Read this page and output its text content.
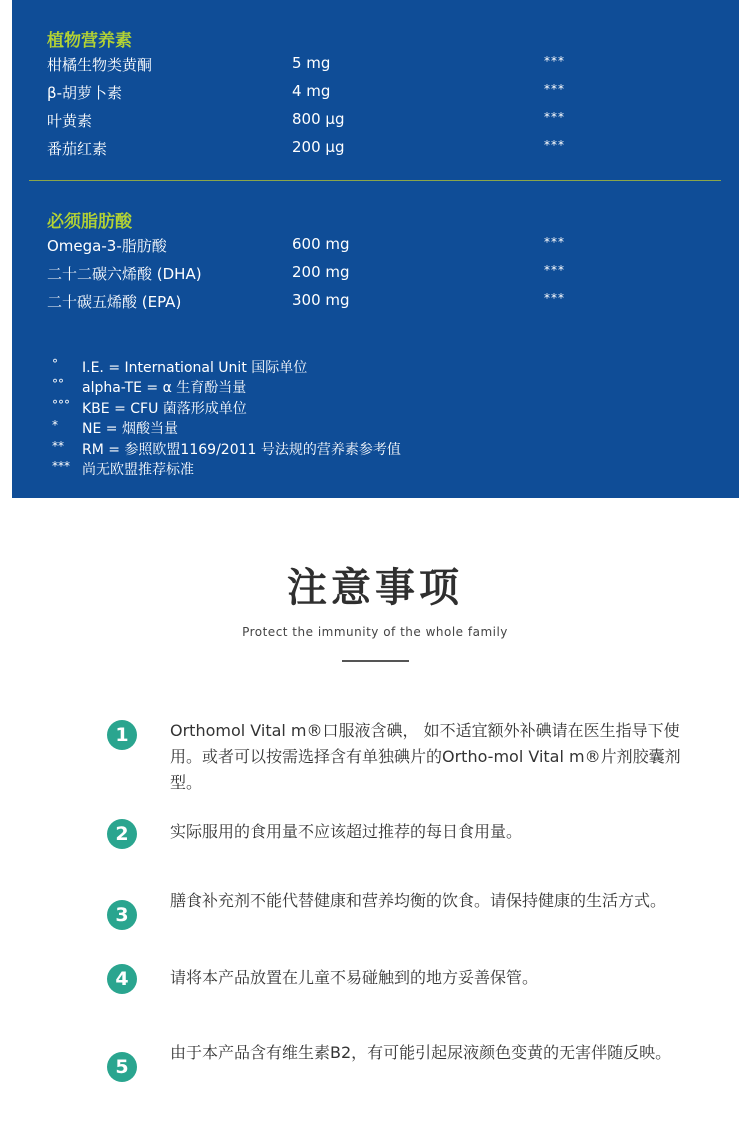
植物营养素
柑橘生物类黄酮	5 mg	***
β-胡萝卜素	4 mg	***
叶黄素	800 µg	***
番茄红素	200 µg	***
必须脂肪酸
Omega-3-脂肪酸	600 mg	***
二十二碳六烯酸 (DHA)	200 mg	***
二十碳五烯酸 (EPA)	300 mg	***
° I.E. = International Unit 国际单位
°° alpha-TE = α 生育酚当量
°°° KBE = CFU 菌落形成单位
* NE = 烟酸当量
** RM = 参照欧盟1169/2011 号法规的营养素参考值
*** 尚无欧盟推荐标准
注意事项
Protect the immunity of the whole family
1	Orthomol Vital m®口服液含碘， 如不适宜额外补碘请在医生指导下使用。或者可以按需选择含有单独碘片的Ortho-mol Vital m®片剂胶囊剂型。
2	实际服用的食用量不应该超过推荐的每日食用量。
3
膳食补充剂不能代替健康和营养均衡的饮食。请保持健康的生活方式。
4	请将本产品放置在儿童不易碰触到的地方妥善保管。
5
由于本产品含有维生素B2，有可能引起尿液颜色变黄的无害伴随反映。
